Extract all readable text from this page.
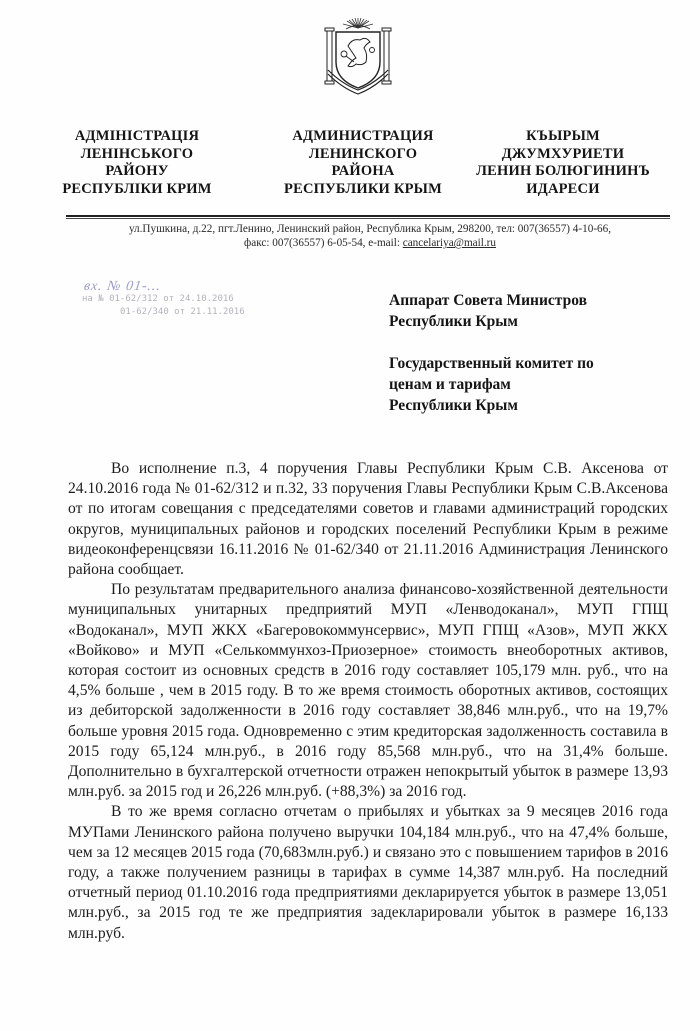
АДМІНІСТРАЦІЯ
ЛЕНІНСЬКОГО
РАЙОНУ
РЕСПУБЛІКИ КРИМ
АДМИНИСТРАЦИЯ
ЛЕНИНСКОГО
РАЙОНА
РЕСПУБЛИКИ КРЫМ
КЪЫРЫМ
ДЖУМХУРИЕТИ
ЛЕНИН БОЛЮГИНИНЪ
ИДАРЕСИ
ул.Пушкина, д.22, пгт.Ленино, Ленинский район, Республика Крым, 298200, тел: 007(36557) 4-10-66,
факс: 007(36557) 6-05-54, e-mail: cancelariya@mail.ru
вх. № 01-...
на № 01-62/312 от 24.10.2016
01-62/340 от 21.11.2016
Аппарат Совета Министров
Республики Крым
Государственный комитет по
ценам и тарифам
Республики Крым

Во исполнение п.3, 4 поручения Главы Республики Крым С.В. Аксенова от 24.10.2016 года № 01-62/312 и п.32, 33 поручения Главы Республики Крым С.В.Аксенова от по итогам совещания с председателями советов и главами администраций городских округов, муниципальных районов и городских поселений Республики Крым в режиме видеоконференцсвязи 16.11.2016 № 01-62/340 от 21.11.2016 Администрация Ленинского района сообщает.

По результатам предварительного анализа финансово-хозяйственной деятельности муниципальных унитарных предприятий МУП «Ленводоканал», МУП ГПЩ «Водоканал», МУП ЖКХ «Багеровокоммунсервис», МУП ГПЩ «Азов», МУП ЖКХ «Войково» и МУП «Селькоммунхоз-Приозерное» стоимость внеоборотных активов, которая состоит из основных средств в 2016 году составляет 105,179 млн. руб., что на 4,5% больше , чем в 2015 году. В то же время стоимость оборотных активов, состоящих из дебиторской задолженности в 2016 году составляет 38,846 млн.руб., что на 19,7% больше уровня 2015 года. Одновременно с этим кредиторская задолженность составила в 2015 году 65,124 млн.руб., в 2016 году 85,568 млн.руб., что на 31,4% больше. Дополнительно в бухгалтерской отчетности отражен непокрытый убыток в размере 13,93 млн.руб. за 2015 год и 26,226 млн.руб. (+88,3%) за 2016 год.

В то же время согласно отчетам о прибылях и убытках за 9 месяцев 2016 года МУПами Ленинского района получено выручки 104,184 млн.руб., что на 47,4% больше, чем за 12 месяцев 2015 года (70,683млн.руб.) и связано это с повышением тарифов в 2016 году, а также получением разницы в тарифах в сумме 14,387 млн.руб. На последний отчетный период 01.10.2016 года предприятиями декларируется убыток в размере 13,051 млн.руб., за 2015 год те же предприятия задекларировали убыток в размере 16,133 млн.руб.
